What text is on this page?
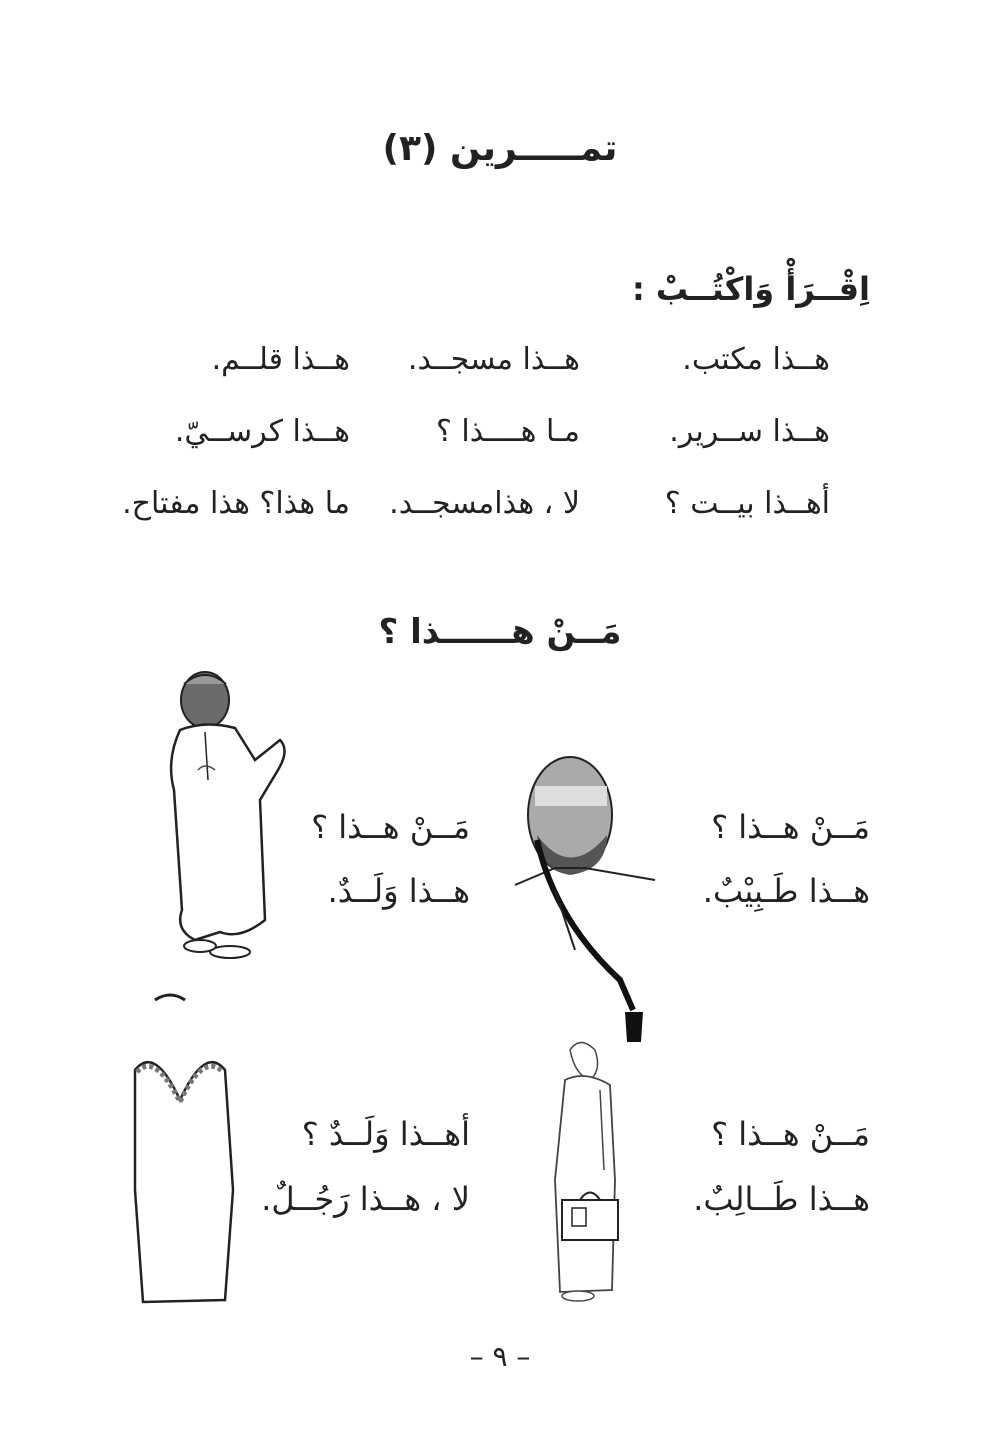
تمـــــرين (٣)
اِقْــرَأْ وَاكْتُــبْ :
هــذا مكتب.
هــذا مسجــد.
هــذا قلــم.
هــذا ســرير.
مـا هــــذا ؟
هــذا كرســيّ.
أهــذا بيــت ؟
لا ، هذامسجــد.
ما هذا؟ هذا مفتاح.
مَــنْ هــــــذا ؟
مَــنْ هــذا ؟
هــذا طَـبِيْبٌ.
مَــنْ هــذا ؟
هــذا وَلَــدٌ.
مَــنْ هــذا ؟
هــذا طَــالِبٌ.
أهــذا وَلَــدٌ ؟
لا ، هــذا رَجُــلٌ.
– ٩ –
